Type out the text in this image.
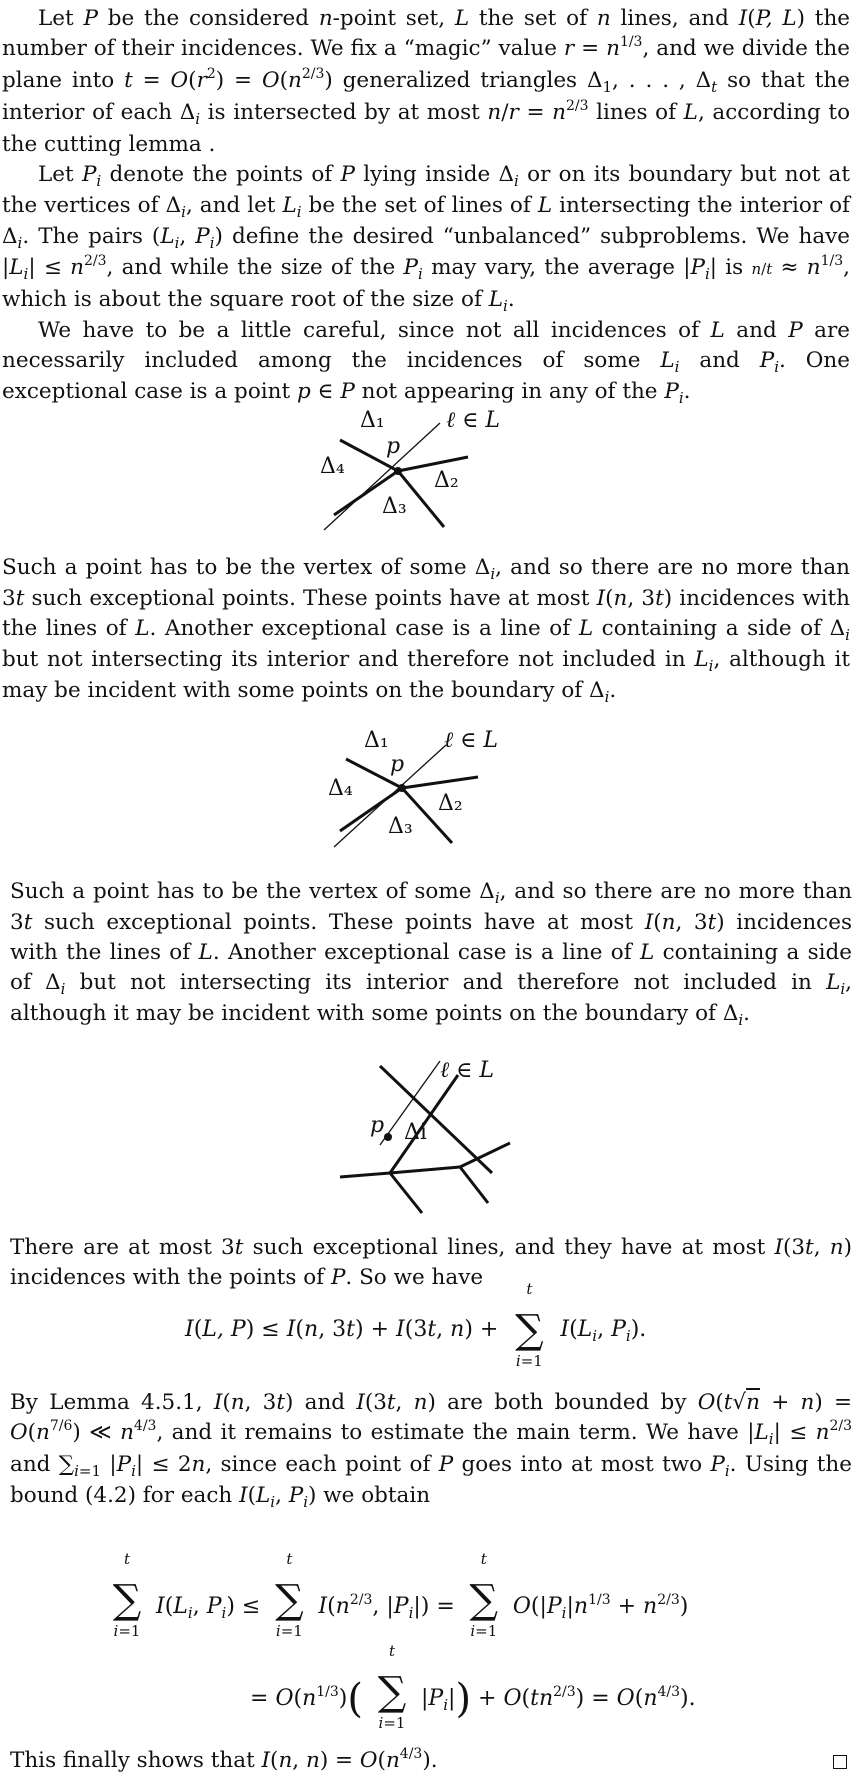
Let P be the considered n-point set, L the set of n lines, and I(P, L) the number of their incidences. We fix a “magic” value $r = n^{1/3}$, and we divide the plane into $t = O(r^2) = O(n^{2/3})$ generalized triangles $\Delta_1$, . . . , $\Delta_t$ so that the interior of each $\Delta_i$ is intersected by at most $n/r = n^{2/3}$ lines of L, according to the cutting lemma .

Let $P_i$ denote the points of P lying inside $\Delta_i$ or on its boundary but not at the vertices of $\Delta_i$, and let $L_i$ be the set of lines of L intersecting the interior of $\Delta_i$. The pairs ($L_i$, $P_i$) define the desired “unbalanced” subproblems. We have $|L_i| \le n^{2/3}$, and while the size of the $P_i$ may vary, the average $|P_i|$ is $n/t \approx n^{1/3}$, which is about the square root of the size of $L_i$.

We have to be a little careful, since not all incidences of L and P are necessarily included among the incidences of some $L_i$ and $P_i$. One exceptional case is a point p ∈ P not appearing in any of the $P_i$.

Δ₁	ℓ ∈ L
p
Δ₄
Δ₂
Δ₃

Such a point has to be the vertex of some $\Delta_i$, and so there are no more than 3t such exceptional points. These points have at most I(n, 3t) incidences with the lines of L. Another exceptional case is a line of L containing a side of $\Delta_i$ but not intersecting its interior and therefore not included in $L_i$, although it may be incident with some points on the boundary of $\Delta_i$.

Δ₁	ℓ ∈ L
p
Δ₄
Δ₂
Δ₃

Such a point has to be the vertex of some $\Delta_i$, and so there are no more than 3t such exceptional points. These points have at most I(n, 3t) incidences with the lines of L. Another exceptional case is a line of L containing a side of $\Delta_i$ but not intersecting its interior and therefore not included in $L_i$, although it may be incident with some points on the boundary of $\Delta_i$.

ℓ ∈ L
p Δi

There are at most 3t such exceptional lines, and they have at most I(3t, n) incidences with the points of P. So we have

I(L, P) ≤ I(n, 3t) + I(3t, n) +
t
∑
i=1
$I(L_i$, $P_i$).

By Lemma 4.5.1, I(n, 3t) and I(3t, n) are both bounded by $O(t√n + n) = O(n^{7/6})$ ≪ $n^{4/3}$, and it remains to estimate the main term. We have $|L_i| \le n^{2/3}$ and $\sum_{i=1}$ $|P_i| \le 2n$, since each point of P goes into at most two $P_i$. Using the bound (4.2) for each $I(L_i$, $P_i$) we obtain

t
∑
i=1
$I(L_i$, $P_i$) ≤
t
∑
i=1
$I(n^{2/3}$, $|P_i|$) =
t
∑
i=1
$O(|P_i|n^{1/3} + n^{2/3})$
= $O(n^{1/3})$(
t
∑
i=1
$|P_i|) + O(tn^{2/3}) = O(n^{4/3})$.

This finally shows that I(n, $n) = O(n^{4/3})$.
